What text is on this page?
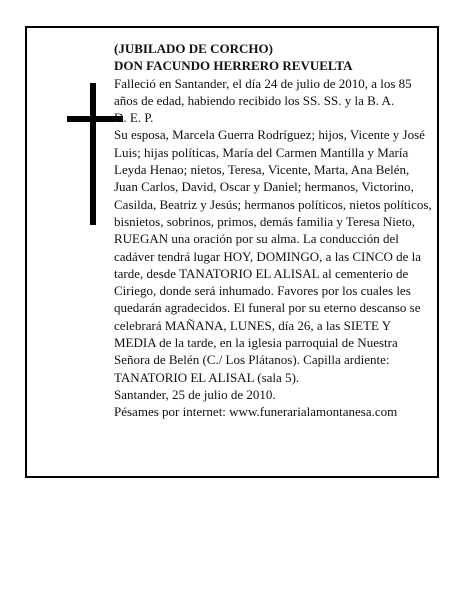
(JUBILADO DE CORCHO)

DON FACUNDO HERRERO REVUELTA

Falleció en Santander, el día 24 de julio de 2010, a los 85 años de edad, habiendo recibido los SS. SS. y la B. A.

D. E. P.

Su esposa, Marcela Guerra Rodríguez; hijos, Vicente y José Luis; hijas políticas, María del Carmen Mantilla y María Leyda Henao; nietos, Teresa, Vicente, Marta, Ana Belén, Juan Carlos, David, Oscar y Daniel; hermanos, Victorino, Casilda, Beatriz y Jesús; hermanos políticos, nietos políticos, bisnietos, sobrinos, primos, demás familia y Teresa Nieto,

RUEGAN una oración por su alma. La conducción del cadáver tendrá lugar HOY, DOMINGO, a las CINCO de la tarde, desde TANATORIO EL ALISAL al cementerio de Ciriego, donde será inhumado. Favores por los cuales les quedarán agradecidos. El funeral por su eterno descanso se celebrará MAÑANA, LUNES, día 26, a las SIETE Y MEDIA de la tarde, en la iglesia parroquial de Nuestra Señora de Belén (C./ Los Plátanos). Capilla ardiente: TANATORIO EL ALISAL (sala 5).

Santander, 25 de julio de 2010.

Pésames por internet: www.funerarialamontanesa.com
